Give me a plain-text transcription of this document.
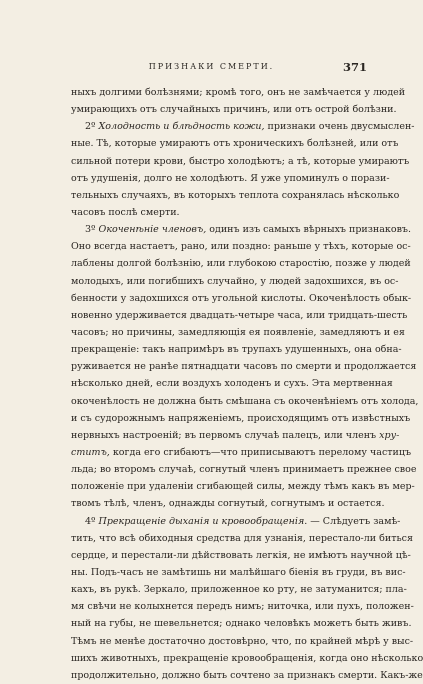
ПРИЗНАКИ СМЕРТИ.	371
ныхъ долгими болѣзнями; кромѣ того, онъ не замѣчается у людей
умирающихъ отъ случайныхъ причинъ, или отъ острой болѣзни.
2º Холодность и блѣдность кожи, признаки очень двусмыслен-
ные. Тѣ, которые умираютъ отъ хроническихъ болѣзней, или отъ
сильной потери крови, быстро холодѣютъ; а тѣ, которые умираютъ
отъ удушенія, долго не холодѣютъ. Я уже упоминулъ о порази-
тельныхъ случаяхъ, въ которыхъ теплота сохранялась нѣсколько
часовъ послѣ смерти.
3º Окоченѣніе членовъ, одинъ изъ самыхъ вѣрныхъ признаковъ.
Оно всегда настаетъ, рано, или поздно: раньше у тѣхъ, которые ос-
лаблены долгой болѣзнію, или глубокою старостію, позже у людей
молодыхъ, или погибшихъ случайно, у людей задохшихся, въ ос-
бенности у задохшихся отъ угольной кислоты. Окоченѣлость обык-
новенно удерживается двадцать-четыре часа, или тридцать-шесть
часовъ; но причины, замедляющія ея появленіе, замедляютъ и ея
прекращеніе: такъ напримѣръ въ трупахъ удушенныхъ, она обна-
руживается не ранѣе пятнадцати часовъ по смерти и продолжается
нѣсколько дней, если воздухъ холоденъ и сухъ. Эта мертвенная
окоченѣлость не должна быть смѣшана съ окоченѣніемъ отъ холода,
и съ судорожнымъ напряженіемъ, происходящимъ отъ извѣстныхъ
нервныхъ настроеній; въ первомъ случаѣ палецъ, или членъ хру-
ститъ, когда его сгибаютъ—что приписываютъ перелому частицъ
льда; во второмъ случаѣ, согнутый членъ принимаетъ прежнее свое
положеніе при удаленіи сгибающей силы, между тѣмъ какъ въ мер-
твомъ тѣлѣ, членъ, однажды согнутый, согнутымъ и остается.
4º Прекращеніе дыханія и кровообращенія. — Слѣдуетъ замѣ-
тить, что всѣ обиходныя средства для узнанія, перестало-ли биться
сердце, и перестали-ли дѣйствовать легкія, не имѣютъ научной цѣ-
ны. Подъ-часъ не замѣтишь ни малѣйшаго біенія въ груди, въ вис-
кахъ, въ рукѣ. Зеркало, приложенное ко рту, не затуманится; пла-
мя свѣчи не колыхнется передъ нимъ; ниточка, или пухъ, положен-
ный на губы, не шевельнется; однако человѣкъ можетъ быть живъ.
Тѣмъ не менѣе достаточно достовѣрно, что, по крайней мѣрѣ у выс-
шихъ животныхъ, прекращеніе кровообращенія, когда оно нѣсколько
продолжительно, должно быть сочтено за признакъ смерти. Какъ-же
